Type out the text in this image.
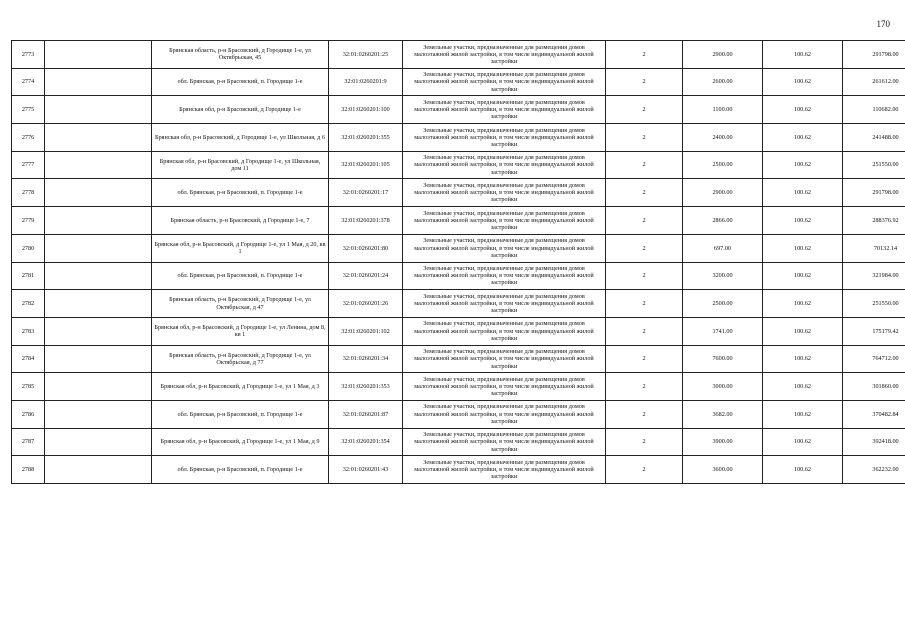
170
2773		Брянская область, р-н Брасовский, д Городище 1-е, ул Октябрьская, 45	32:01:0260201:25	Земельные участки, предназначенные для размещения домов малоэтажной жилой застройки, в том числе индивидуальной жилой застройки	2	2900.00	100.62	291798.00
2774		обл. Брянская, р-н Брасовский, п. Городище 1-е	32:01:0260201:9	Земельные участки, предназначенные для размещения домов малоэтажной жилой застройки, в том числе индивидуальной жилой застройки	2	2600.00	100.62	261612.00
2775		Брянская обл, р-н Брасовский, д Городище 1-е	32:01:0260201:100	Земельные участки, предназначенные для размещения домов малоэтажной жилой застройки, в том числе индивидуальной жилой застройки	2	1100.00	100.62	110682.00
2776		Брянская обл, р-н Брасовский, д Городище 1-е, ул Школьная, д 6	32:01:0260201:355	Земельные участки, предназначенные для размещения домов малоэтажной жилой застройки, в том числе индивидуальной жилой застройки	2	2400.00	100.62	241488.00
2777		Брянская обл, р-н Брасовский, д Городище 1-е, ул Школьная, дом 11	32:01:0260201:105	Земельные участки, предназначенные для размещения домов малоэтажной жилой застройки, в том числе индивидуальной жилой застройки	2	2500.00	100.62	251550.00
2778		обл. Брянская, р-н Брасовский, п. Городище 1-е	32:01:0260201:17	Земельные участки, предназначенные для размещения домов малоэтажной жилой застройки, в том числе индивидуальной жилой застройки	2	2900.00	100.62	291798.00
2779		Брянская область, р-н Брасовский, д Городище 1-е, 7	32:01:0260201:378	Земельные участки, предназначенные для размещения домов малоэтажной жилой застройки, в том числе индивидуальной жилой застройки	2	2866.00	100.62	288376.92
2780		Брянская обл, р-н Брасовский, д Городище 1-е, ул 1 Мая, д 20, кв 1	32:01:0260201:80	Земельные участки, предназначенные для размещения домов малоэтажной жилой застройки, в том числе индивидуальной жилой застройки	2	697.00	100.62	70132.14
2781		обл. Брянская, р-н Брасовский, п. Городище 1-е	32:01:0260201:24	Земельные участки, предназначенные для размещения домов малоэтажной жилой застройки, в том числе индивидуальной жилой застройки	2	3200.00	100.62	321984.00
2782		Брянская область, р-н Брасовский, д Городище 1-е, ул Октябрьская, д 47	32:01:0260201:26	Земельные участки, предназначенные для размещения домов малоэтажной жилой застройки, в том числе индивидуальной жилой застройки	2	2500.00	100.62	251550.00
2783		Брянская обл, р-н Брасовский, д Городище 1-е, ул Ленина, дом 8, кв 1	32:01:0260201:102	Земельные участки, предназначенные для размещения домов малоэтажной жилой застройки, в том числе индивидуальной жилой застройки	2	1741.00	100.62	175179.42
2784		Брянская область, р-н Брасовский, д Городище 1-е, ул Октябрьская, д 77	32:01:0260201:34	Земельные участки, предназначенные для размещения домов малоэтажной жилой застройки, в том числе индивидуальной жилой застройки	2	7600.00	100.62	764712.00
2785		Брянская обл, р-н Брасовский, д Городище 1-е, ул 1 Мая, д 3	32:01:0260201:353	Земельные участки, предназначенные для размещения домов малоэтажной жилой застройки, в том числе индивидуальной жилой застройки	2	3000.00	100.62	301860.00
2786		обл. Брянская, р-н Брасовский, п. Городище 1-е	32:01:0260201:87	Земельные участки, предназначенные для размещения домов малоэтажной жилой застройки, в том числе индивидуальной жилой застройки	2	3682.00	100.62	370482.84
2787		Брянская обл, р-н Брасовский, д Городище 1-е, ул 1 Мая, д 9	32:01:0260201:354	Земельные участки, предназначенные для размещения домов малоэтажной жилой застройки, в том числе индивидуальной жилой застройки	2	3900.00	100.62	392418.00
2788		обл. Брянская, р-н Брасовский, п. Городище 1-е	32:01:0260201:43	Земельные участки, предназначенные для размещения домов малоэтажной жилой застройки, в том числе индивидуальной жилой застройки	2	3600.00	100.62	362232.00
